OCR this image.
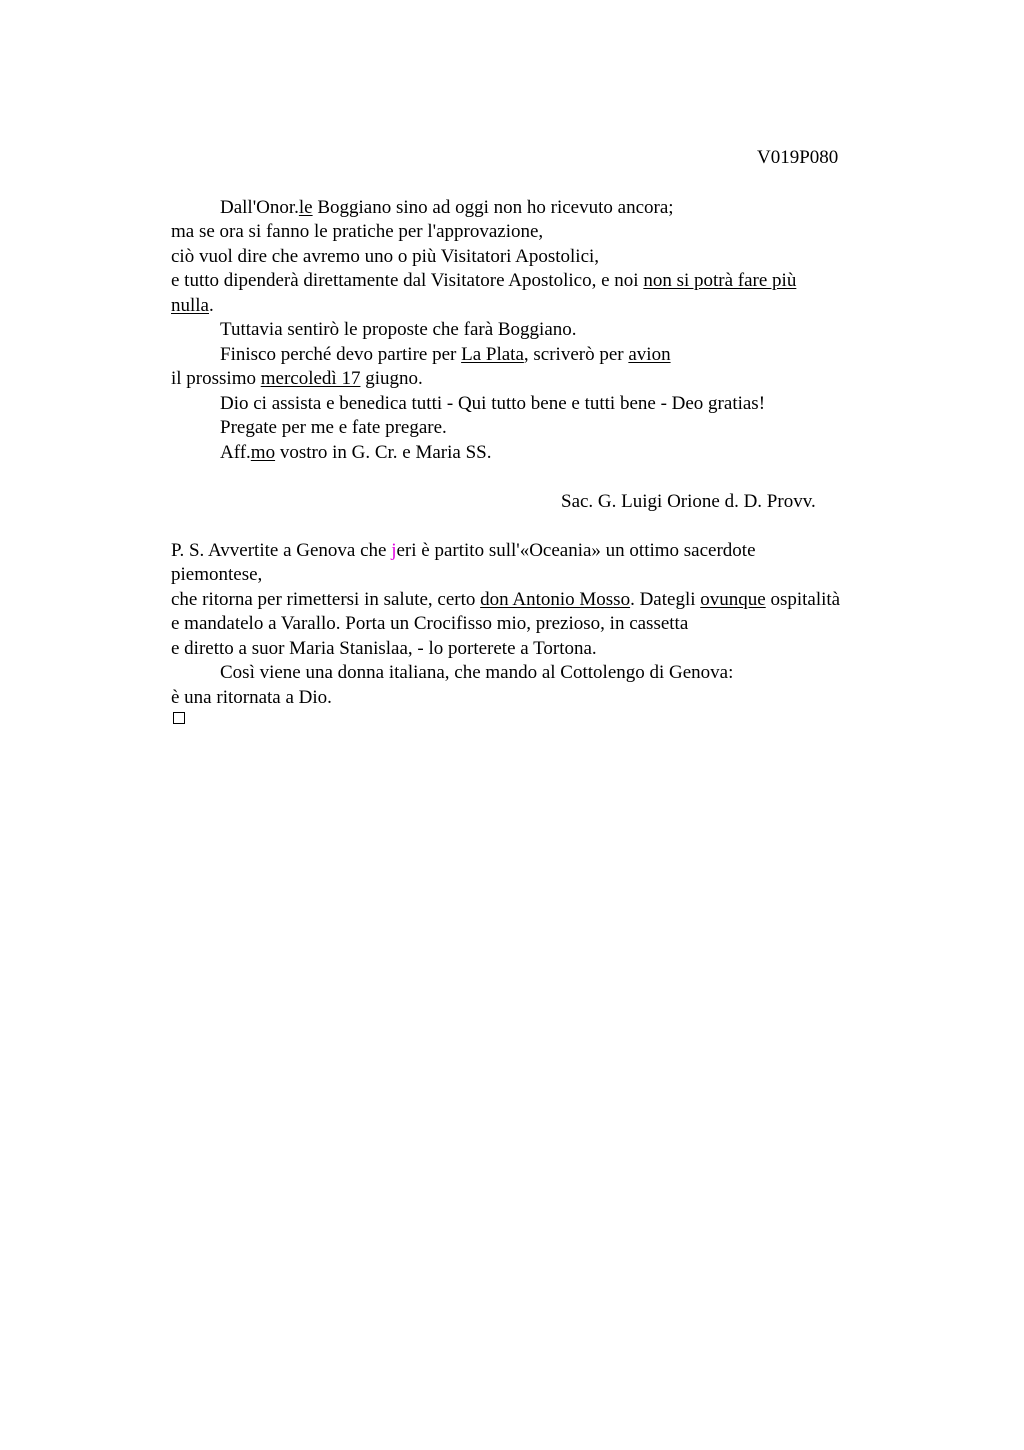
V019P080
Dall'Onor.le Boggiano sino ad oggi non ho ricevuto ancora;
ma se ora si fanno le pratiche per l'approvazione,
ciò vuol dire che avremo uno o più Visitatori Apostolici,
e tutto dipenderà direttamente dal Visitatore Apostolico, e noi non si potrà fare più
nulla.
Tuttavia sentirò le proposte che farà Boggiano.
Finisco perché devo partire per La Plata, scriverò per avion
il prossimo mercoledì 17 giugno.
Dio ci assista e benedica tutti - Qui tutto bene e tutti bene - Deo gratias!
Pregate per me e fate pregare.
Aff.mo vostro in G. Cr. e Maria SS.
Sac. G. Luigi Orione d. D. Provv.
P. S. Avvertite a Genova che jeri è partito sull'«Oceania» un ottimo sacerdote
piemontese,
che ritorna per rimettersi in salute, certo don Antonio Mosso. Dategli ovunque ospitalità
e mandatelo a Varallo. Porta un Crocifisso mio, prezioso, in cassetta
e diretto a suor Maria Stanislaa, - lo porterete a Tortona.
Così viene una donna italiana, che mando al Cottolengo di Genova:
è una ritornata a Dio.
